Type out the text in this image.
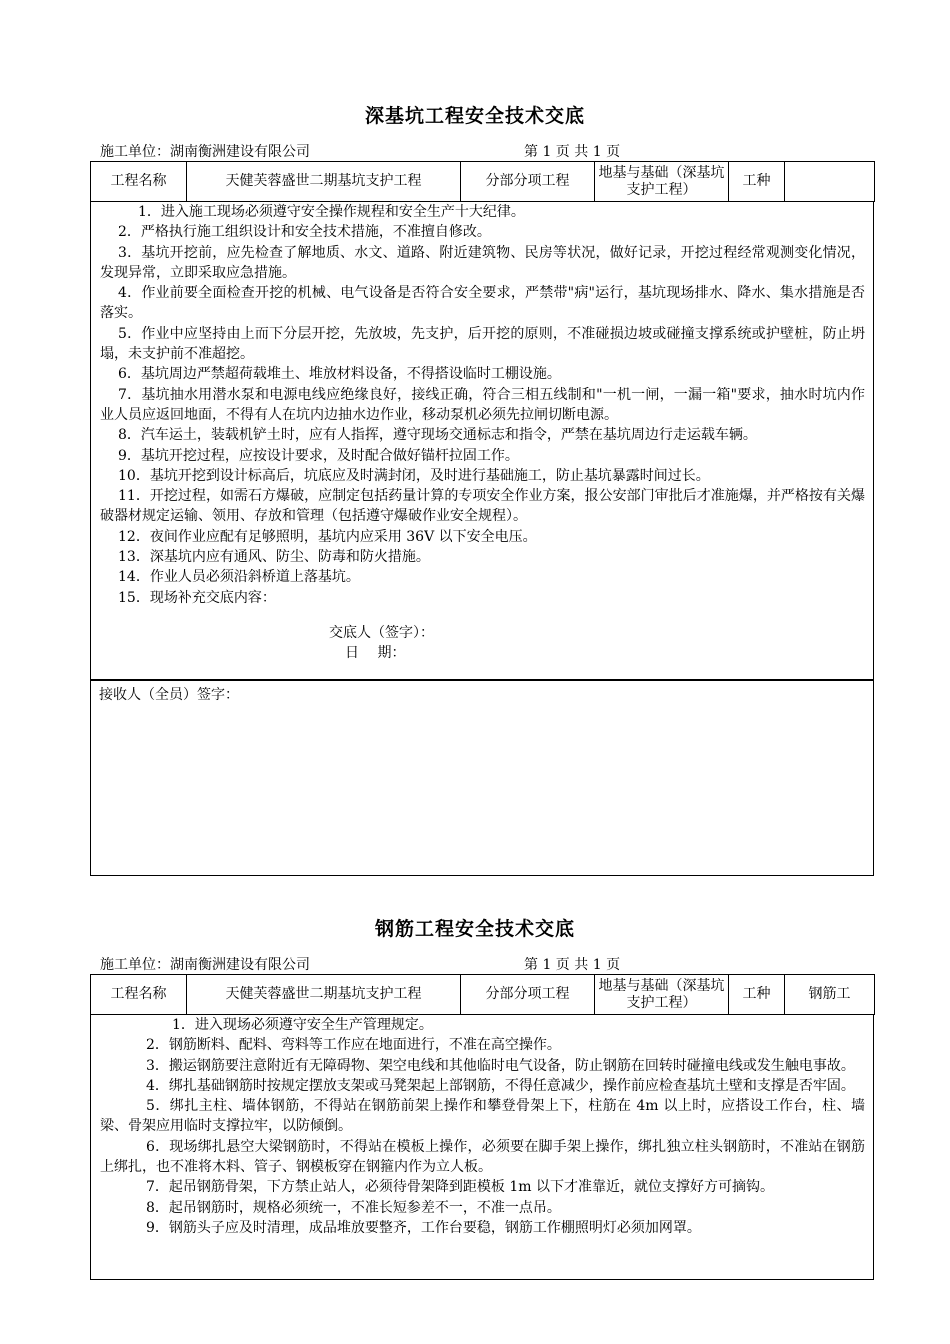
深基坑工程安全技术交底
施工单位：湖南衡洲建设有限公司	第 1 页 共 1 页
工程名称	天健芙蓉盛世二期基坑支护工程	分部分项工程	地基与基础（深基坑支护工程）	工种	

1．进入施工现场必须遵守安全操作规程和安全生产十大纪律。

2．严格执行施工组织设计和安全技术措施，不准擅自修改。

3．基坑开挖前，应先检查了解地质、水文、道路、附近建筑物、民房等状况，做好记录，开挖过程经常观测变化情况，发现异常，立即采取应急措施。

4．作业前要全面检查开挖的机械、电气设备是否符合安全要求，严禁带"病"运行，基坑现场排水、降水、集水措施是否落实。

5．作业中应坚持由上而下分层开挖，先放坡，先支护，后开挖的原则，不准碰损边坡或碰撞支撑系统或护壁桩，防止坍塌，未支护前不准超挖。

6．基坑周边严禁超荷载堆土、堆放材料设备，不得搭设临时工棚设施。

7．基坑抽水用潜水泵和电源电线应绝缘良好，接线正确，符合三相五线制和"一机一闸，一漏一箱"要求，抽水时坑内作业人员应返回地面，不得有人在坑内边抽水边作业，移动泵机必须先拉闸切断电源。

8．汽车运土，装载机铲土时，应有人指挥，遵守现场交通标志和指令，严禁在基坑周边行走运载车辆。

9．基坑开挖过程，应按设计要求，及时配合做好锚杆拉固工作。

10．基坑开挖到设计标高后，坑底应及时满封闭，及时进行基础施工，防止基坑暴露时间过长。

11．开挖过程，如需石方爆破，应制定包括药量计算的专项安全作业方案，报公安部门审批后才准施爆，并严格按有关爆破器材规定运输、领用、存放和管理（包括遵守爆破作业安全规程）。

12．夜间作业应配有足够照明，基坑内应采用 36V 以下安全电压。

13．深基坑内应有通风、防尘、防毒和防火措施。

14．作业人员必须沿斜桥道上落基坑。

15．现场补充交底内容：

交底人（签字）：
日　 期：
接收人（全员）签字：
钢筋工程安全技术交底
施工单位：湖南衡洲建设有限公司	第 1 页 共 1 页
工程名称	天健芙蓉盛世二期基坑支护工程	分部分项工程	地基与基础（深基坑支护工程）	工种	钢筋工

1．进入现场必须遵守安全生产管理规定。

2．钢筋断料、配料、弯料等工作应在地面进行，不准在高空操作。

3．搬运钢筋要注意附近有无障碍物、架空电线和其他临时电气设备，防止钢筋在回转时碰撞电线或发生触电事故。

4．绑扎基础钢筋时按规定摆放支架或马凳架起上部钢筋，不得任意减少，操作前应检查基坑土壁和支撑是否牢固。

5．绑扎主柱、墙体钢筋，不得站在钢筋前架上操作和攀登骨架上下，柱筋在 4m 以上时，应搭设工作台，柱、墙梁、骨架应用临时支撑拉牢，以防倾倒。

6．现场绑扎悬空大梁钢筋时，不得站在模板上操作，必须要在脚手架上操作，绑扎独立柱头钢筋时，不准站在钢筋上绑扎，也不准将木料、管子、钢模板穿在钢箍内作为立人板。

7．起吊钢筋骨架，下方禁止站人，必须待骨架降到距模板 1m 以下才准靠近，就位支撑好方可摘钩。

8．起吊钢筋时，规格必须统一，不准长短参差不一，不准一点吊。

9．钢筋头子应及时清理，成品堆放要整齐，工作台要稳，钢筋工作棚照明灯必须加网罩。
